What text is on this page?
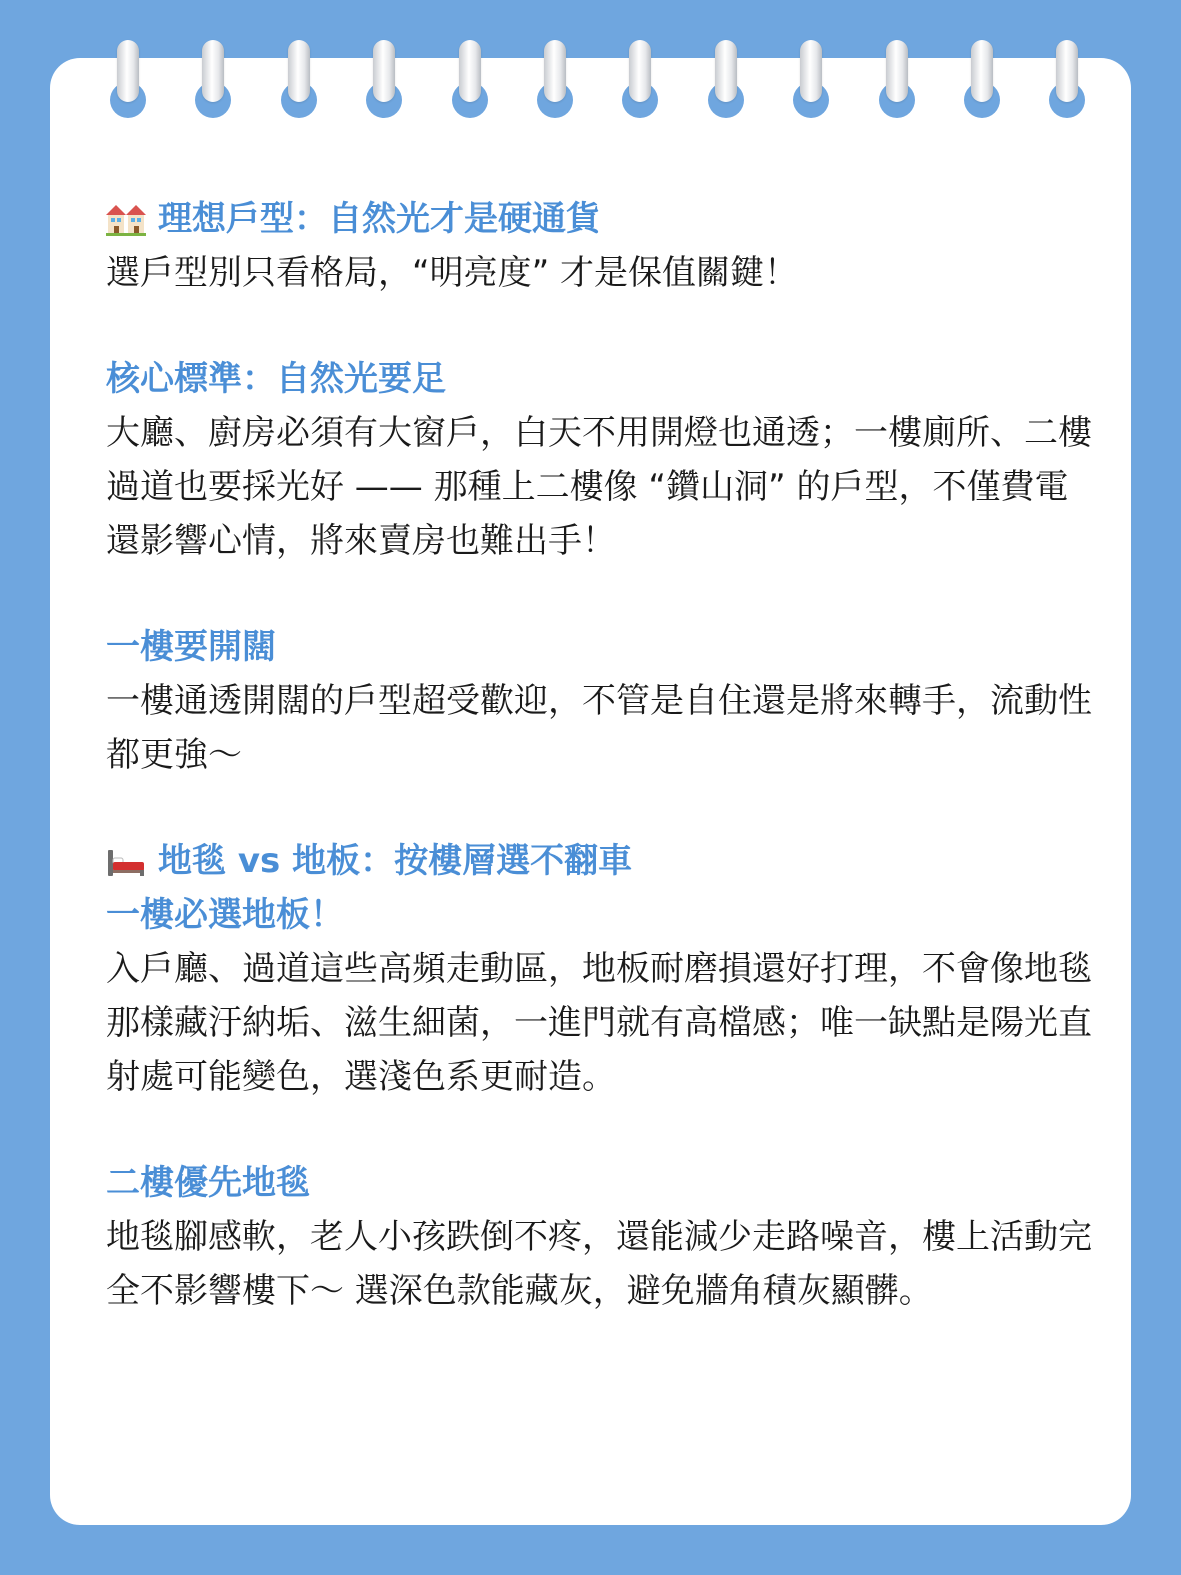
理想戶型：自然光才是硬通貨
選戶型別只看格局，“明亮度” 才是保值關鍵！
核心標準：自然光要足
大廳、廚房必須有大窗戶，白天不用開燈也通透；一樓廁所、二樓過道也要採光好 —— 那種上二樓像 “鑽山洞” 的戶型，不僅費電還影響心情，將來賣房也難出手！
一樓要開闊
一樓通透開闊的戶型超受歡迎，不管是自住還是將來轉手，流動性都更強～
地毯 vs 地板：按樓層選不翻車
一樓必選地板！
入戶廳、過道這些高頻走動區，地板耐磨損還好打理，不會像地毯那樣藏汙納垢、滋生細菌，一進門就有高檔感；唯一缺點是陽光直射處可能變色，選淺色系更耐造。
二樓優先地毯
地毯腳感軟，老人小孩跌倒不疼，還能減少走路噪音，樓上活動完全不影響樓下～ 選深色款能藏灰，避免牆角積灰顯髒。
